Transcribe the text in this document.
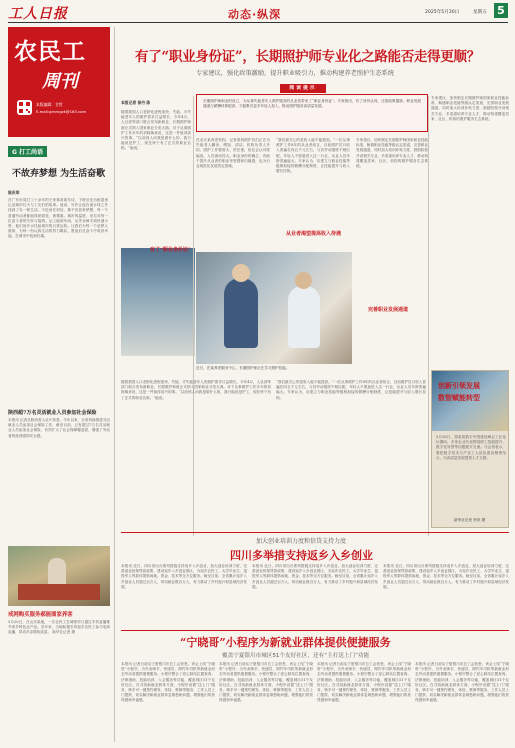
工人日报	动态·纵深	2025年5月30日	星期五 5
农民工
周刊
本版编辑：甘皙
E-mail:grnmgzk@163.com
G 打工尚语
不故弃梦想 为生活奋歌
陈庆举
在广东东莞打工十余年的王家林喜欢写诗，下班后在出租屋里记录城市灯火与工友们的故事。他说，写作让他在流水线之外找到了另一种生活。不论身在何处，都不应放弃梦想，每一个普通劳动者都值得被看见、被尊重。城市的温度，来自对每一位奋斗者的关怀与接纳。从工地到车间，从外卖骑手到快递小哥，他们用汗水托起城市的日常运转。让我们为每一个追梦人鼓掌，为每一份认真生活的努力喝彩，愿他们在奋斗中收获幸福，在城市中找到归属。
陕西超7万名灵活就业人员参加社会保险
本报讯 记者从陕西省人社厅获悉，今年以来，全省持续推进灵活就业人员参加社会保险工作，截至目前，已有超过7万名灵活就业人员参加社会保险，有效扩大了社会保障覆盖面，增强了劳动者的获得感和安全感。
戒网购买服务郝能图家养客
5月20日，在山东某地，一名农民工在城郊村口通过手机直播推介家乡特色农产品。近年来，当地积极引导返乡农民工参与电商直播，带动乡亲增收致富。 新华社记者 摄
有了“职业身份证”，长期照护师专业化之路能否走得更顺？
专家建议，强化政策激励，提升职业吸引力，推动构建养老照护生态系统
阅读提示
长期照护师职业的设立，为从事失能老年人照护服务的从业者带来了“职业身份证”。专家指出，有了身份认同，还需政策激励、职业发展通道与薪酬体系配套，才能吸引更多年轻人加入，推动照护服务高质量发展。
本报记者 徐丹 陈
随着我国人口老龄化进程加快，失能、半失能老年人的照护需求日益增长。今年4月，人社部等部门联合发布新职业，长期照护师被正式纳入国家职业分类大典。对于从事照护工作多年的刘阿姨来说，这是一件值得高兴的事。“以前别人问我是做什么的，我只能说是护工，现在终于有了正式的职业名称。”她说。
在北京某养老机构，记者看到照护员们正在为失能老人翻身、喂饭、清洁。机构负责人介绍，照护工作强度大、责任重，但社会认可度偏低，人员流动性大。职业身份的确立，有助于提升从业者的职业荣誉感和归属感，也为行业规范化发展奠定基础。
“我们最关心的是收入能不能提高。”一位从事照护工作8年的从业者坦言，目前照护员月收入普遍在四五千元左右，与其劳动强度不相匹配，年轻人不愿意进入这一行业，从业人员年龄普遍偏大。专家认为，应建立与职业技能等级相衔接的薪酬分配制度，让技能提升与收入增长挂钩。
从业者渴望提高收入待遇
专家建议，加快制定长期照护师国家职业技能标准，畅通职业技能等级认定渠道，完善职业发展通道，同时加大培训补贴力度，鼓励院校开设相关专业，多渠道培养专业人才，推动构建覆盖居家、社区、机构的照护服务生态系统。
完善职业发展通道
有了“职业身份证”
近日，在某养老服务中心，长期照护师正在学习照护技能。
专家建议，加快制定长期照护师国家职业技能标准，畅通职业技能等级认定渠道，完善职业发展通道，同时加大培训补贴力度，鼓励院校开设相关专业，多渠道培养专业人才，推动构建覆盖居家、社区、机构的照护服务生态系统。
创新引领发展
数智赋能转型
5月28日，第某届数字中国建设峰会工匠论坛期间，多家企业代表围绕职工技能提升、数字化转型等话题展开交流。与会者表示，要把数字技术与产业工人队伍建设紧密结合，为高质量发展提供人才支撑。
新华社记者 李泉 摄
“我们最关心的是收入能不能提高。”一位从事照护工作8年的从业者坦言，目前照护员月收入普遍在四五千元左右，与其劳动强度不相匹配，年轻人不愿意进入这一行业，从业人员年龄普遍偏大。专家认为，应建立与职业技能等级相衔接的薪酬分配制度，让技能提升与收入增长挂钩。
随着我国人口老龄化进程加快，失能、半失能老年人的照护需求日益增长。今年4月，人社部等部门联合发布新职业，长期照护师被正式纳入国家职业分类大典。对于从事照护工作多年的刘阿姨来说，这是一件值得高兴的事。“以前别人问我是做什么的，我只能说是护工，现在终于有了正式的职业名称。”她说。
加大创业培训力度和信贷支持力度
四川多举措支持返乡入乡创业
本报讯 近日，四川省出台系列措施支持返乡入乡创业，加大创业培训力度，完善创业担保贷款政策，建设返乡入乡创业园区，为返乡农民工、大学毕业生、退役军人等群体提供场地、资金、技术等全方位服务。截至目前，全省累计返乡入乡创业人员超过百万人，带动就业数百万人，有力推动了乡村振兴和县域经济发展。
本报讯 近日，四川省出台系列措施支持返乡入乡创业，加大创业培训力度，完善创业担保贷款政策，建设返乡入乡创业园区，为返乡农民工、大学毕业生、退役军人等群体提供场地、资金、技术等全方位服务。截至目前，全省累计返乡入乡创业人员超过百万人，带动就业数百万人，有力推动了乡村振兴和县域经济发展。
本报讯 近日，四川省出台系列措施支持返乡入乡创业，加大创业培训力度，完善创业担保贷款政策，建设返乡入乡创业园区，为返乡农民工、大学毕业生、退役军人等群体提供场地、资金、技术等全方位服务。截至目前，全省累计返乡入乡创业人员超过百万人，带动就业数百万人，有力推动了乡村振兴和县域经济发展。
“宁晓哥”小程序为新就业群体提供便捷服务
覆盖宁夏银川市城区51个友好社区，还有“主打送上门”功能
本报讯 记者日前从宁夏银川市总工会获悉，该会上线“宁晓哥”小程序，为外卖骑手、快递员、网约车司机等新就业形态劳动者提供便捷服务。小程序整合了爱心驿站位置查询、法律援助、技能培训、入会服务等功能，覆盖城区51个友好社区。在寻找新就业群体方面，小程序设置“送上门”服务，骑手可一键预约理发、体检、维修等服务，工作人员上门提供，切实解决新就业群体急难愁盼问题，增强他们的获得感和幸福感。
本报讯 记者日前从宁夏银川市总工会获悉，该会上线“宁晓哥”小程序，为外卖骑手、快递员、网约车司机等新就业形态劳动者提供便捷服务。小程序整合了爱心驿站位置查询、法律援助、技能培训、入会服务等功能，覆盖城区51个友好社区。在寻找新就业群体方面，小程序设置“送上门”服务，骑手可一键预约理发、体检、维修等服务，工作人员上门提供，切实解决新就业群体急难愁盼问题，增强他们的获得感和幸福感。
本报讯 记者日前从宁夏银川市总工会获悉，该会上线“宁晓哥”小程序，为外卖骑手、快递员、网约车司机等新就业形态劳动者提供便捷服务。小程序整合了爱心驿站位置查询、法律援助、技能培训、入会服务等功能，覆盖城区51个友好社区。在寻找新就业群体方面，小程序设置“送上门”服务，骑手可一键预约理发、体检、维修等服务，工作人员上门提供，切实解决新就业群体急难愁盼问题，增强他们的获得感和幸福感。
本报讯 记者日前从宁夏银川市总工会获悉，该会上线“宁晓哥”小程序，为外卖骑手、快递员、网约车司机等新就业形态劳动者提供便捷服务。小程序整合了爱心驿站位置查询、法律援助、技能培训、入会服务等功能，覆盖城区51个友好社区。在寻找新就业群体方面，小程序设置“送上门”服务，骑手可一键预约理发、体检、维修等服务，工作人员上门提供，切实解决新就业群体急难愁盼问题，增强他们的获得感和幸福感。
